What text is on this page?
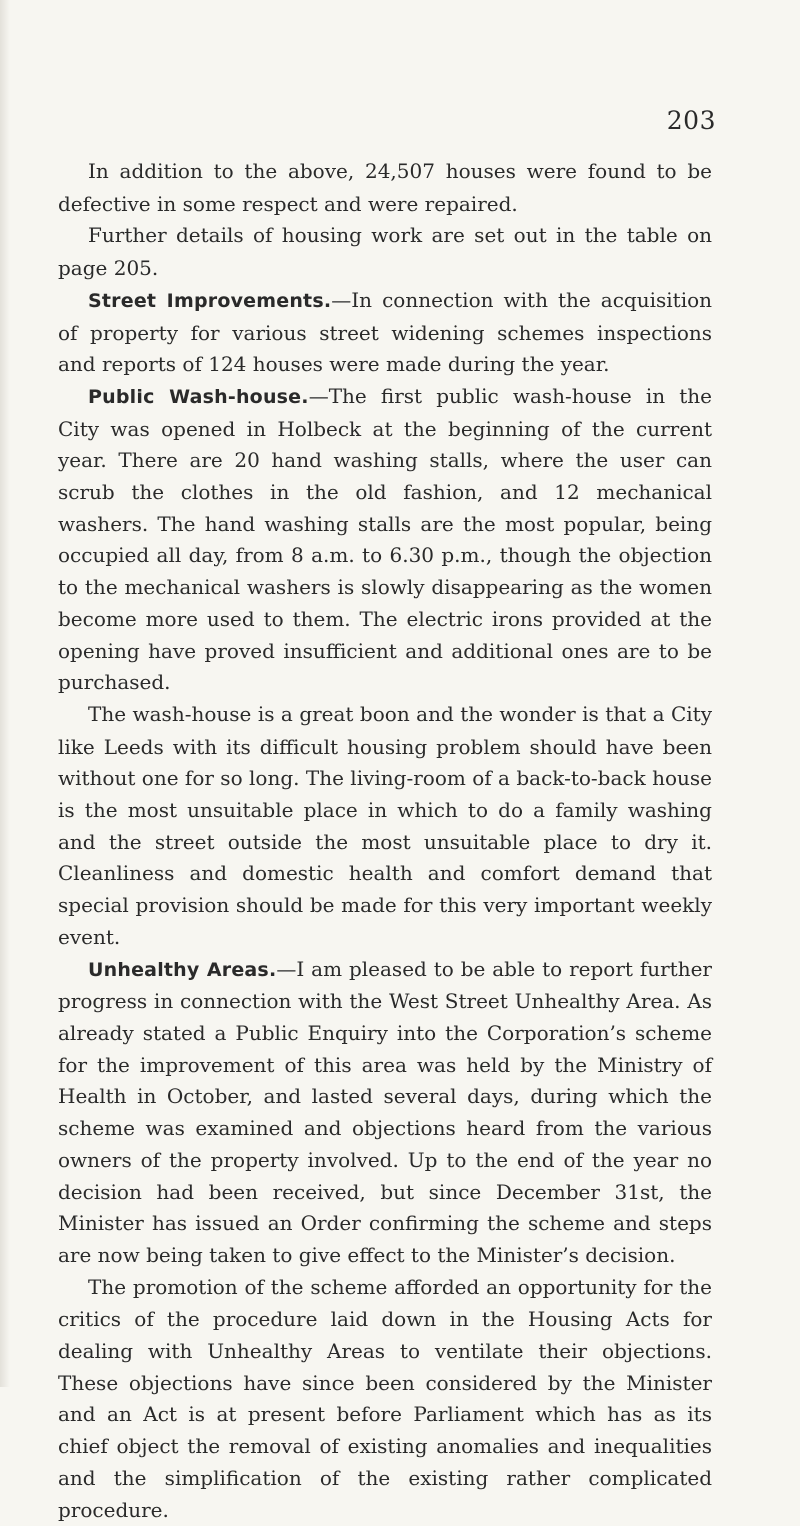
203

In addition to the above, 24,507 houses were found to be defective in some respect and were repaired.

Further details of housing work are set out in the table on page 205.

Street Improvements.—In connection with the acquisition of property for various street widening schemes inspections and reports of 124 houses were made during the year.

Public Wash-house.—The first public wash-house in the City was opened in Holbeck at the beginning of the current year. There are 20 hand washing stalls, where the user can scrub the clothes in the old fashion, and 12 mechanical washers. The hand washing stalls are the most popular, being occupied all day, from 8 a.m. to 6.30 p.m., though the objection to the mechanical washers is slowly disappearing as the women become more used to them. The electric irons provided at the opening have proved insufficient and additional ones are to be purchased.

The wash-house is a great boon and the wonder is that a City like Leeds with its difficult housing problem should have been without one for so long. The living-room of a back-to-back house is the most unsuitable place in which to do a family washing and the street outside the most unsuitable place to dry it. Cleanliness and domestic health and comfort demand that special provision should be made for this very important weekly event.

Unhealthy Areas.—I am pleased to be able to report further progress in connection with the West Street Unhealthy Area. As already stated a Public Enquiry into the Corporation’s scheme for the improvement of this area was held by the Ministry of Health in October, and lasted several days, during which the scheme was examined and objections heard from the various owners of the property involved. Up to the end of the year no decision had been received, but since December 31st, the Minister has issued an Order confirming the scheme and steps are now being taken to give effect to the Minister’s decision.

The promotion of the scheme afforded an opportunity for the critics of the procedure laid down in the Housing Acts for dealing with Unhealthy Areas to ventilate their objections. These objections have since been considered by the Minister and an Act is at present before Parliament which has as its chief object the removal of existing anomalies and inequalities and the simplification of the existing rather complicated procedure.
